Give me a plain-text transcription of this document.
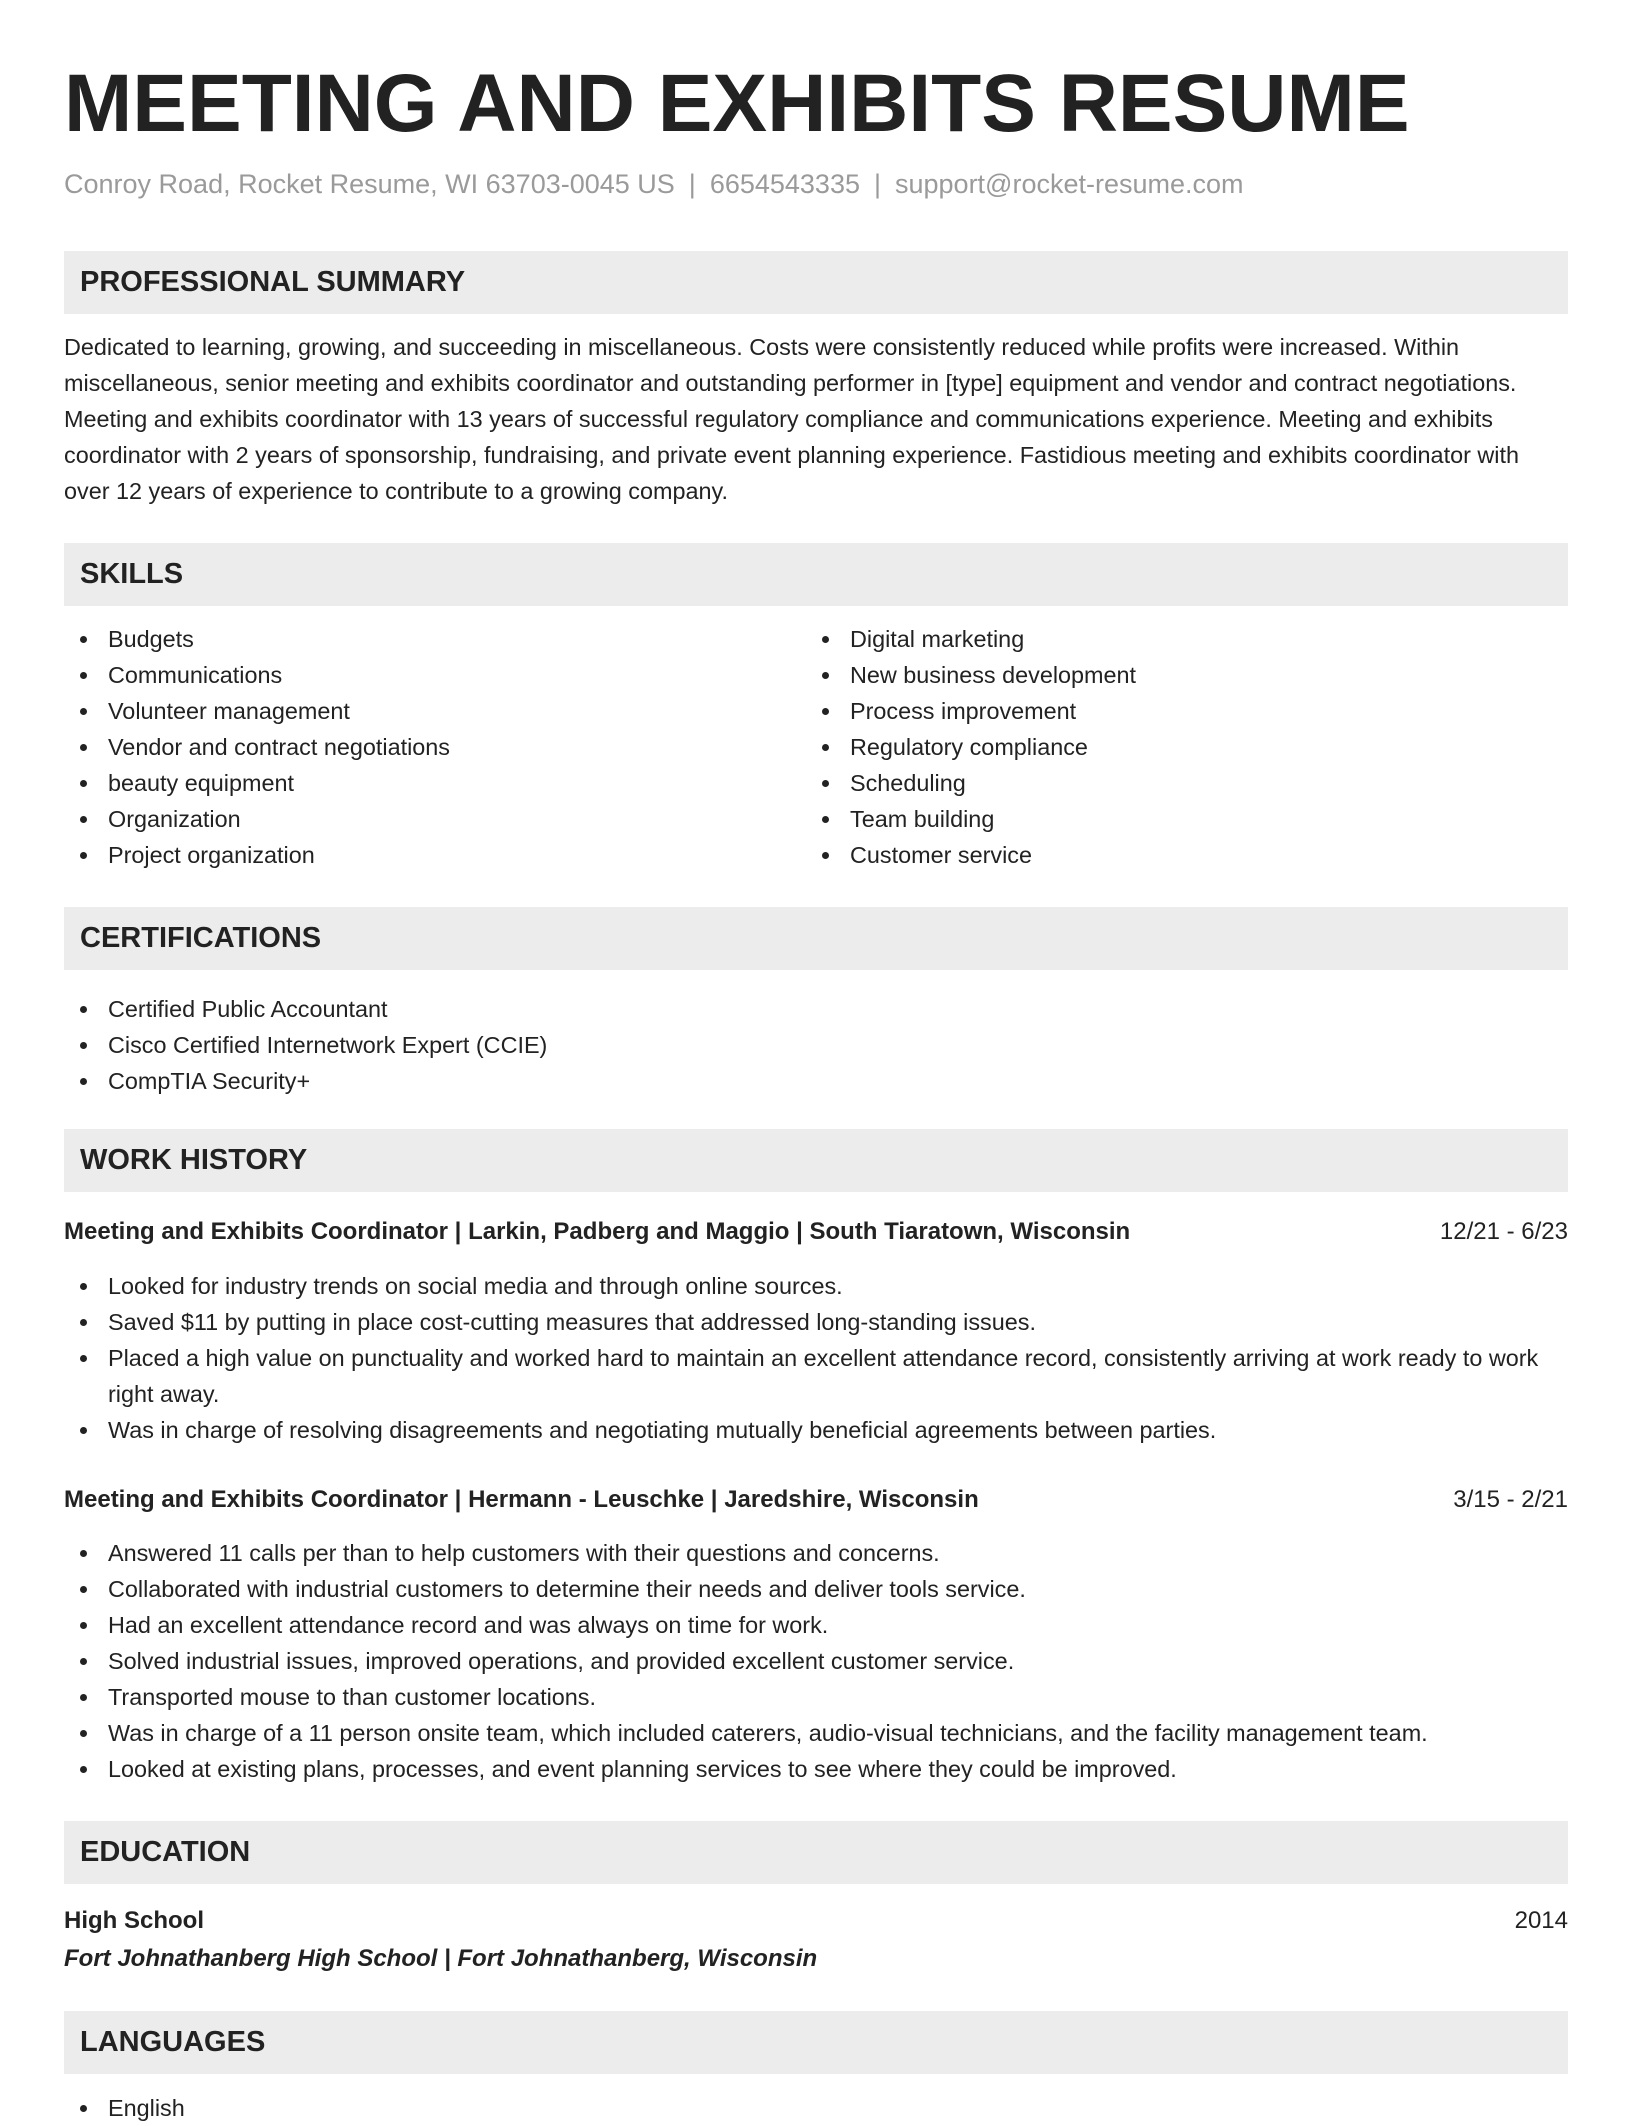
MEETING AND EXHIBITS RESUME
Conroy Road, Rocket Resume, WI 63703-0045 US | 6654543335 | support@rocket-resume.com
PROFESSIONAL SUMMARY
Dedicated to learning, growing, and succeeding in miscellaneous. Costs were consistently reduced while profits were increased. Within miscellaneous, senior meeting and exhibits coordinator and outstanding performer in [type] equipment and vendor and contract negotiations. Meeting and exhibits coordinator with 13 years of successful regulatory compliance and communications experience. Meeting and exhibits coordinator with 2 years of sponsorship, fundraising, and private event planning experience. Fastidious meeting and exhibits coordinator with over 12 years of experience to contribute to a growing company.
SKILLS
Budgets
Communications
Volunteer management
Vendor and contract negotiations
beauty equipment
Organization
Project organization
Digital marketing
New business development
Process improvement
Regulatory compliance
Scheduling
Team building
Customer service
CERTIFICATIONS
Certified Public Accountant
Cisco Certified Internetwork Expert (CCIE)
CompTIA Security+
WORK HISTORY
Meeting and Exhibits Coordinator | Larkin, Padberg and Maggio | South Tiaratown, Wisconsin	12/21 - 6/23
Looked for industry trends on social media and through online sources.
Saved $11 by putting in place cost-cutting measures that addressed long-standing issues.
Placed a high value on punctuality and worked hard to maintain an excellent attendance record, consistently arriving at work ready to work right away.
Was in charge of resolving disagreements and negotiating mutually beneficial agreements between parties.
Meeting and Exhibits Coordinator | Hermann - Leuschke | Jaredshire, Wisconsin	3/15 - 2/21
Answered 11 calls per than to help customers with their questions and concerns.
Collaborated with industrial customers to determine their needs and deliver tools service.
Had an excellent attendance record and was always on time for work.
Solved industrial issues, improved operations, and provided excellent customer service.
Transported mouse to than customer locations.
Was in charge of a 11 person onsite team, which included caterers, audio-visual technicians, and the facility management team.
Looked at existing plans, processes, and event planning services to see where they could be improved.
EDUCATION
High School	2014
Fort Johnathanberg High School | Fort Johnathanberg, Wisconsin
LANGUAGES
English
